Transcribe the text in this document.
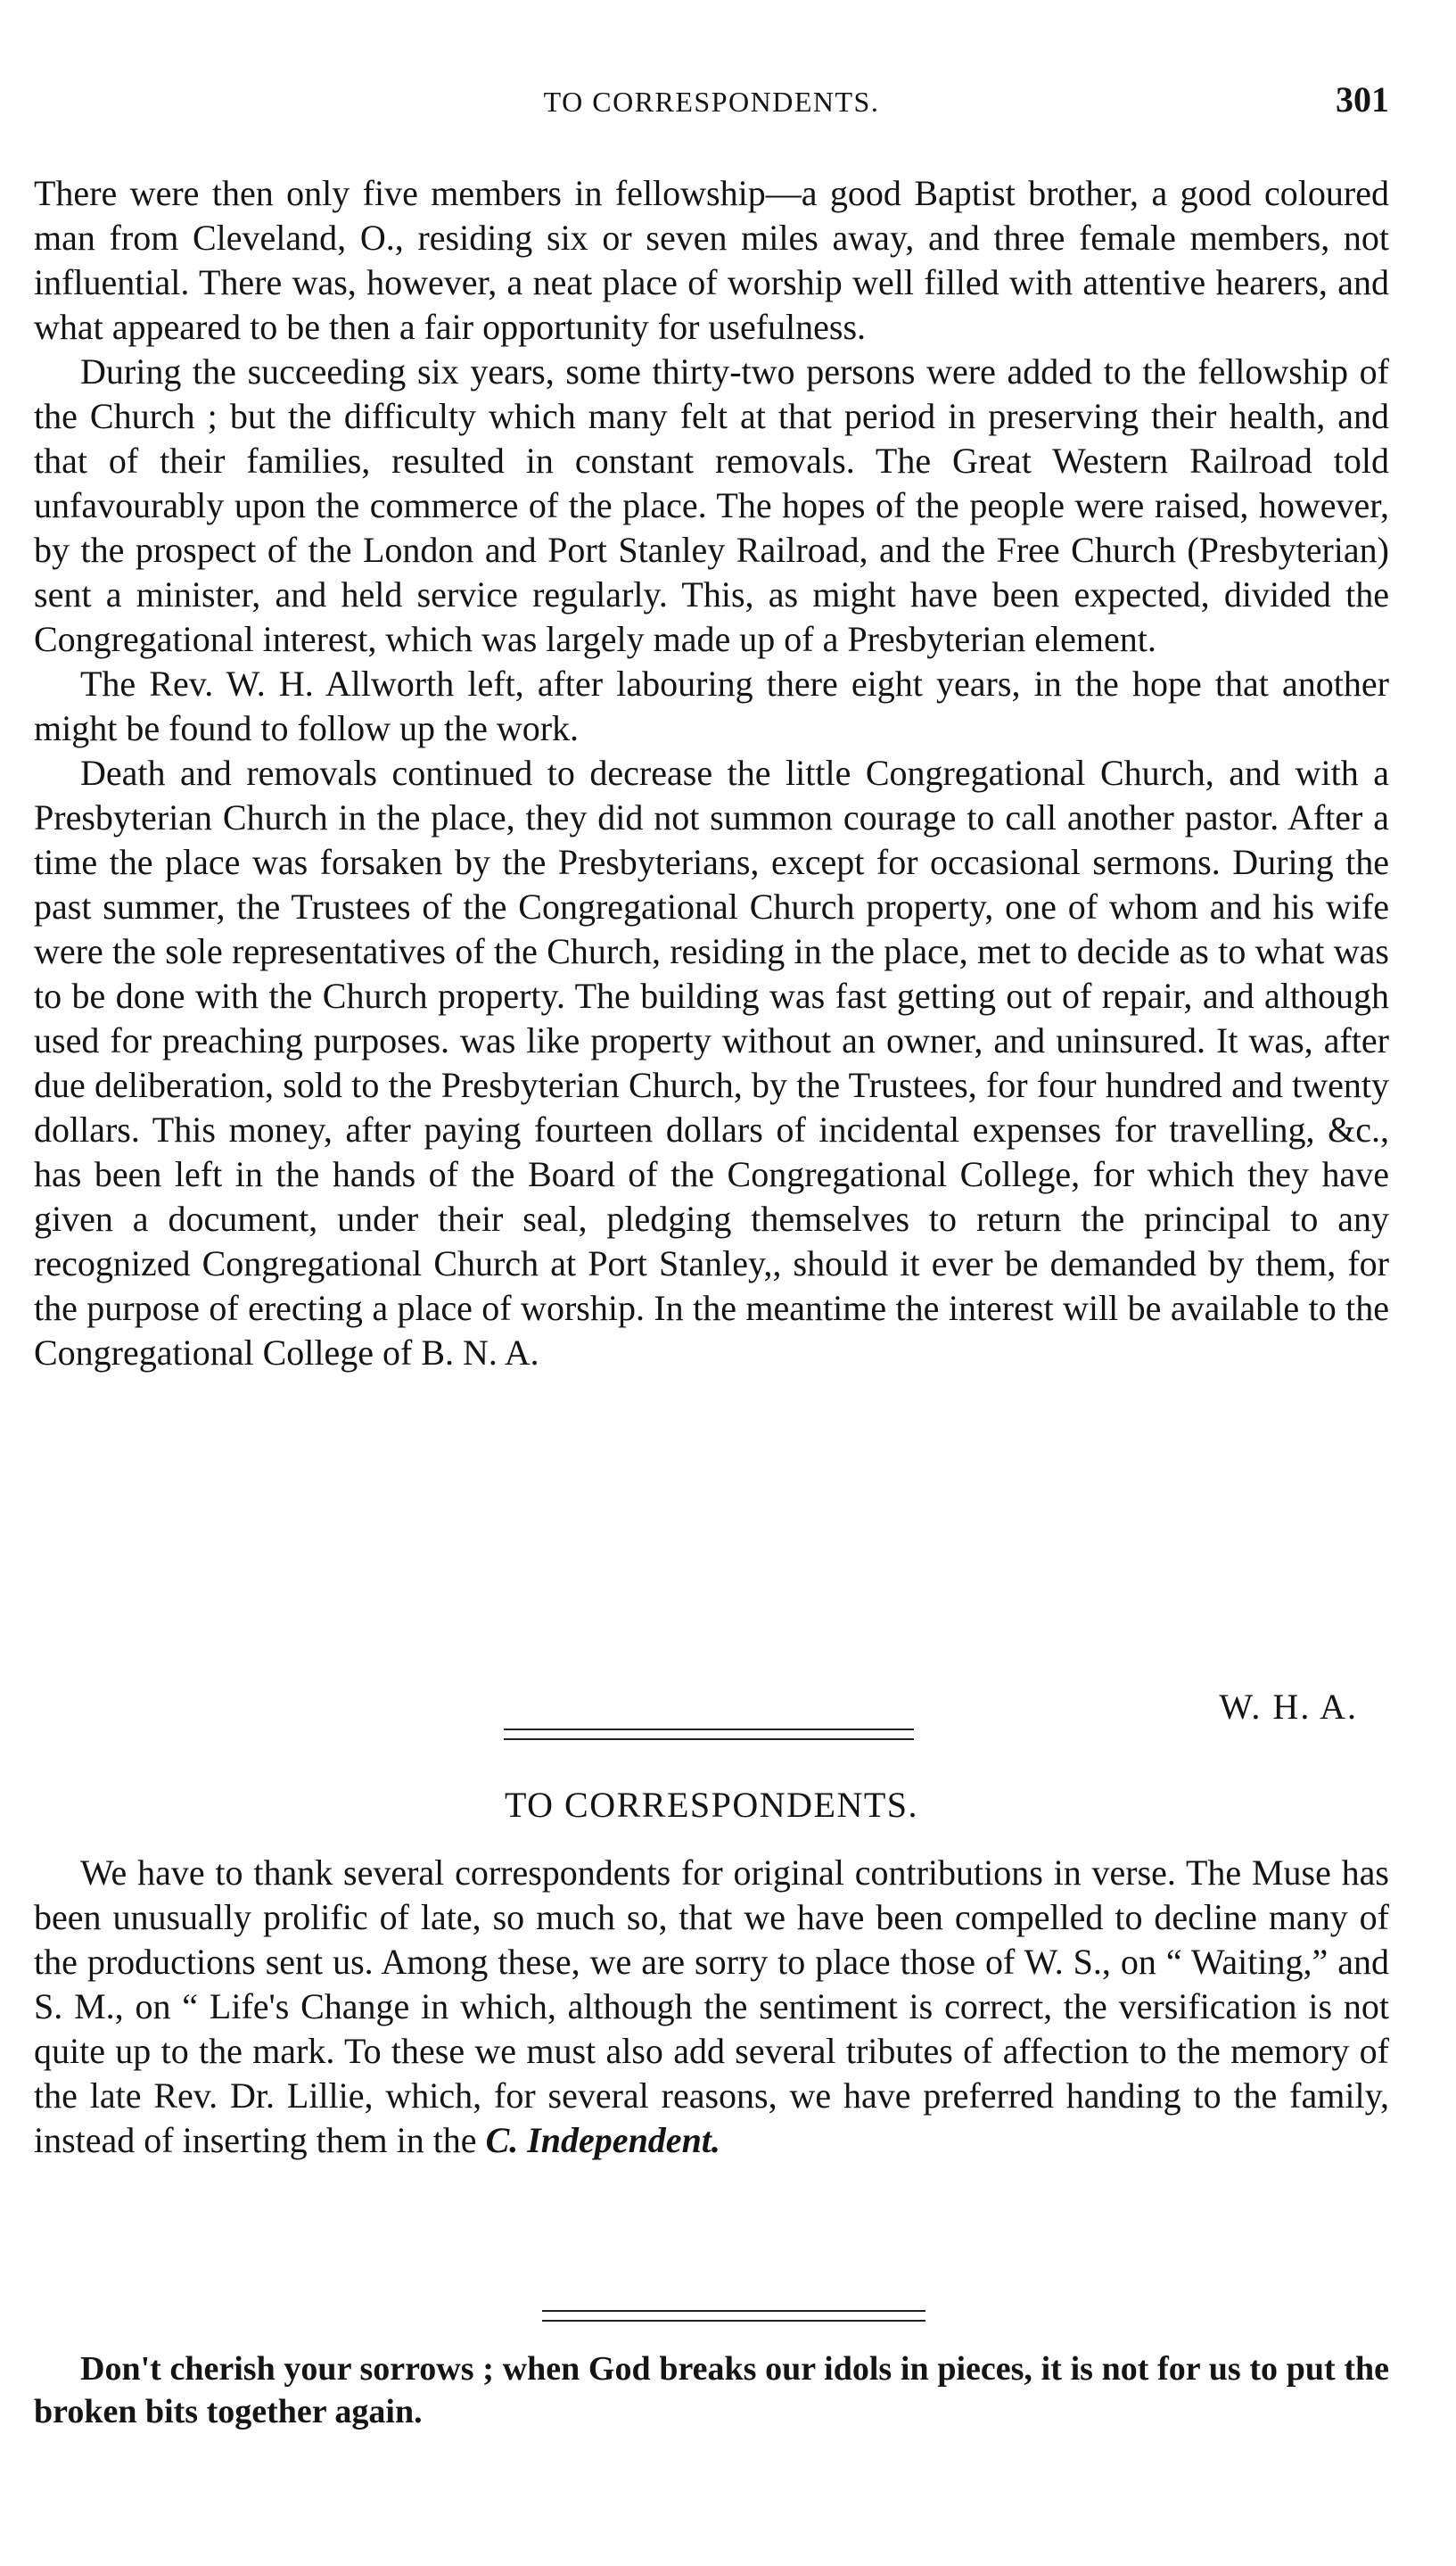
TO CORRESPONDENTS.	301

There were then only five members in fellowship—a good Baptist brother, a good coloured man from Cleveland, O., residing six or seven miles away, and three female members, not influential. There was, however, a neat place of worship well filled with attentive hearers, and what appeared to be then a fair opportunity for usefulness.

During the succeeding six years, some thirty-two persons were added to the fellowship of the Church ; but the difficulty which many felt at that period in preserving their health, and that of their families, resulted in constant removals. The Great Western Railroad told unfavourably upon the commerce of the place. The hopes of the people were raised, however, by the prospect of the London and Port Stanley Railroad, and the Free Church (Presbyterian) sent a minister, and held service regularly. This, as might have been expected, divided the Congregational interest, which was largely made up of a Presbyterian element.

The Rev. W. H. Allworth left, after labouring there eight years, in the hope that another might be found to follow up the work.

Death and removals continued to decrease the little Congregational Church, and with a Presbyterian Church in the place, they did not summon courage to call another pastor. After a time the place was forsaken by the Presbyterians, except for occasional sermons. During the past summer, the Trustees of the Congregational Church property, one of whom and his wife were the sole representatives of the Church, residing in the place, met to decide as to what was to be done with the Church property. The building was fast getting out of repair, and although used for preaching purposes. was like property without an owner, and uninsured. It was, after due deliberation, sold to the Presbyterian Church, by the Trustees, for four hundred and twenty dollars. This money, after paying fourteen dollars of incidental expenses for travelling, &c., has been left in the hands of the Board of the Congregational College, for which they have given a document, under their seal, pledging themselves to return the principal to any recognized Congregational Church at Port Stanley,, should it ever be demanded by them, for the purpose of erecting a place of worship. In the meantime the interest will be available to the Congregational College of B. N. A.

W. H. A.
TO CORRESPONDENTS.

We have to thank several correspondents for original contributions in verse. The Muse has been unusually prolific of late, so much so, that we have been compelled to decline many of the productions sent us. Among these, we are sorry to place those of W. S., on “ Waiting,” and S. M., on “ Life's Change in which, although the sentiment is correct, the versification is not quite up to the mark. To these we must also add several tributes of affection to the memory of the late Rev. Dr. Lillie, which, for several reasons, we have preferred handing to the family, instead of inserting them in the C. Independent.

Don't cherish your sorrows ; when God breaks our idols in pieces, it is not for us to put the broken bits together again.
